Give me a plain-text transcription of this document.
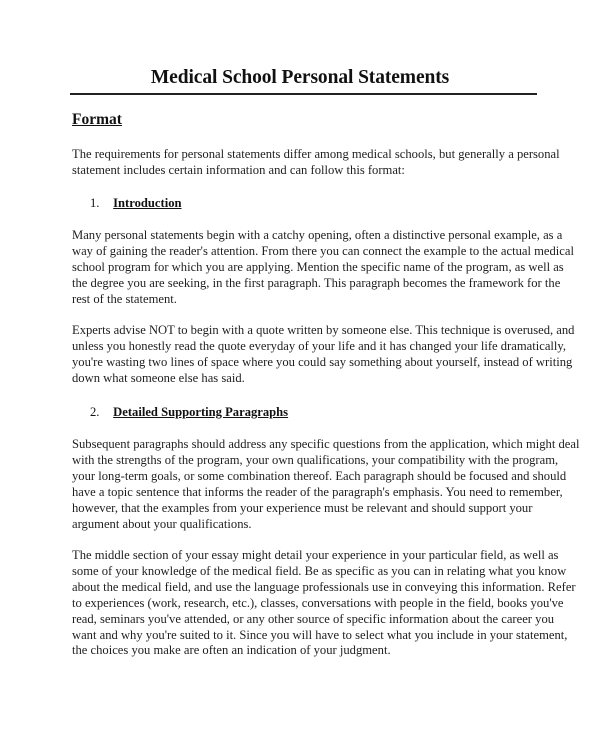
Medical School Personal Statements
Format

The requirements for personal statements differ among medical schools, but generally a personal
statement includes certain information and can follow this format:

1. Introduction

Many personal statements begin with a catchy opening, often a distinctive personal example, as a
way of gaining the reader's attention. From there you can connect the example to the actual medical
school program for which you are applying. Mention the specific name of the program, as well as
the degree you are seeking, in the first paragraph. This paragraph becomes the framework for the
rest of the statement.

Experts advise NOT to begin with a quote written by someone else. This technique is overused, and
unless you honestly read the quote everyday of your life and it has changed your life dramatically,
you're wasting two lines of space where you could say something about yourself, instead of writing
down what someone else has said.

2. Detailed Supporting Paragraphs

Subsequent paragraphs should address any specific questions from the application, which might deal
with the strengths of the program, your own qualifications, your compatibility with the program,
your long-term goals, or some combination thereof. Each paragraph should be focused and should
have a topic sentence that informs the reader of the paragraph's emphasis. You need to remember,
however, that the examples from your experience must be relevant and should support your
argument about your qualifications.

The middle section of your essay might detail your experience in your particular field, as well as
some of your knowledge of the medical field. Be as specific as you can in relating what you know
about the medical field, and use the language professionals use in conveying this information. Refer
to experiences (work, research, etc.), classes, conversations with people in the field, books you've
read, seminars you've attended, or any other source of specific information about the career you
want and why you're suited to it. Since you will have to select what you include in your statement,
the choices you make are often an indication of your judgment.
